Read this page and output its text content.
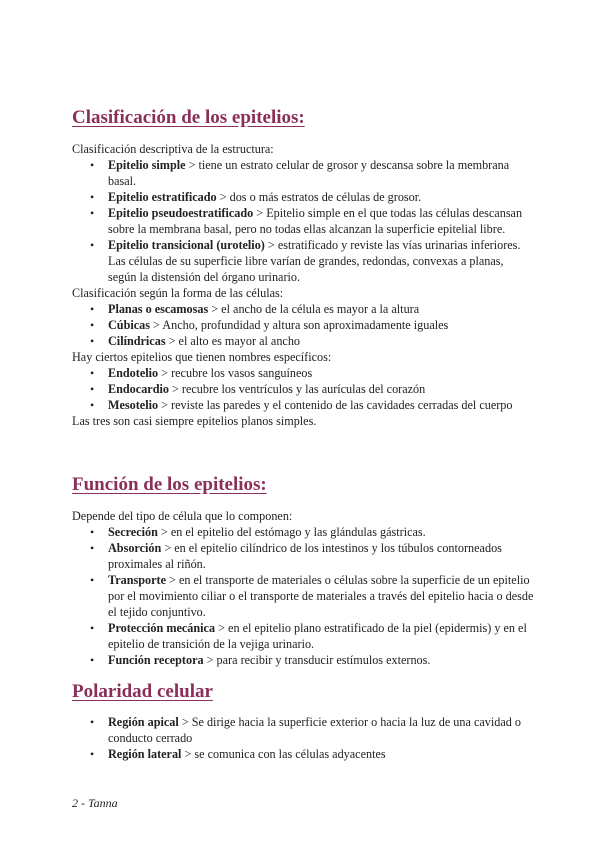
Clasificación de los epitelios:

Clasificación descriptiva de la estructura:

• Epitelio simple > tiene un estrato celular de grosor y descansa sobre la membrana basal.
• Epitelio estratificado > dos o más estratos de células de grosor.
• Epitelio pseudoestratificado > Epitelio simple en el que todas las células descansan sobre la membrana basal, pero no todas ellas alcanzan la superficie epitelial libre.
• Epitelio transicional (urotelio) > estratificado y reviste las vías urinarias inferiores. Las células de su superficie libre varían de grandes, redondas, convexas a planas, según la distensión del órgano urinario.

Clasificación según la forma de las células:

• Planas o escamosas > el ancho de la célula es mayor a la altura
• Cúbicas > Ancho, profundidad y altura son aproximadamente iguales
• Cilíndricas > el alto es mayor al ancho

Hay ciertos epitelios que tienen nombres específicos:

• Endotelio > recubre los vasos sanguíneos
• Endocardio > recubre los ventrículos y las aurículas del corazón
• Mesotelio > reviste las paredes y el contenido de las cavidades cerradas del cuerpo

Las tres son casi siempre epitelios planos simples.

Función de los epitelios:

Depende del tipo de célula que lo componen:

• Secreción > en el epitelio del estómago y las glándulas gástricas.
• Absorción > en el epitelio cilíndrico de los intestinos y los túbulos contorneados proximales al riñón.
• Transporte > en el transporte de materiales o células sobre la superficie de un epitelio por el movimiento ciliar o el transporte de materiales a través del epitelio hacia o desde el tejido conjuntivo.
• Protección mecánica > en el epitelio plano estratificado de la piel (epidermis) y en el epitelio de transición de la vejiga urinario.
• Función receptora > para recibir y transducir estímulos externos.
Polaridad celular
• Región apical > Se dirige hacia la superficie exterior o hacia la luz de una cavidad o conducto cerrado
• Región lateral > se comunica con las células adyacentes
2 - Tanna
